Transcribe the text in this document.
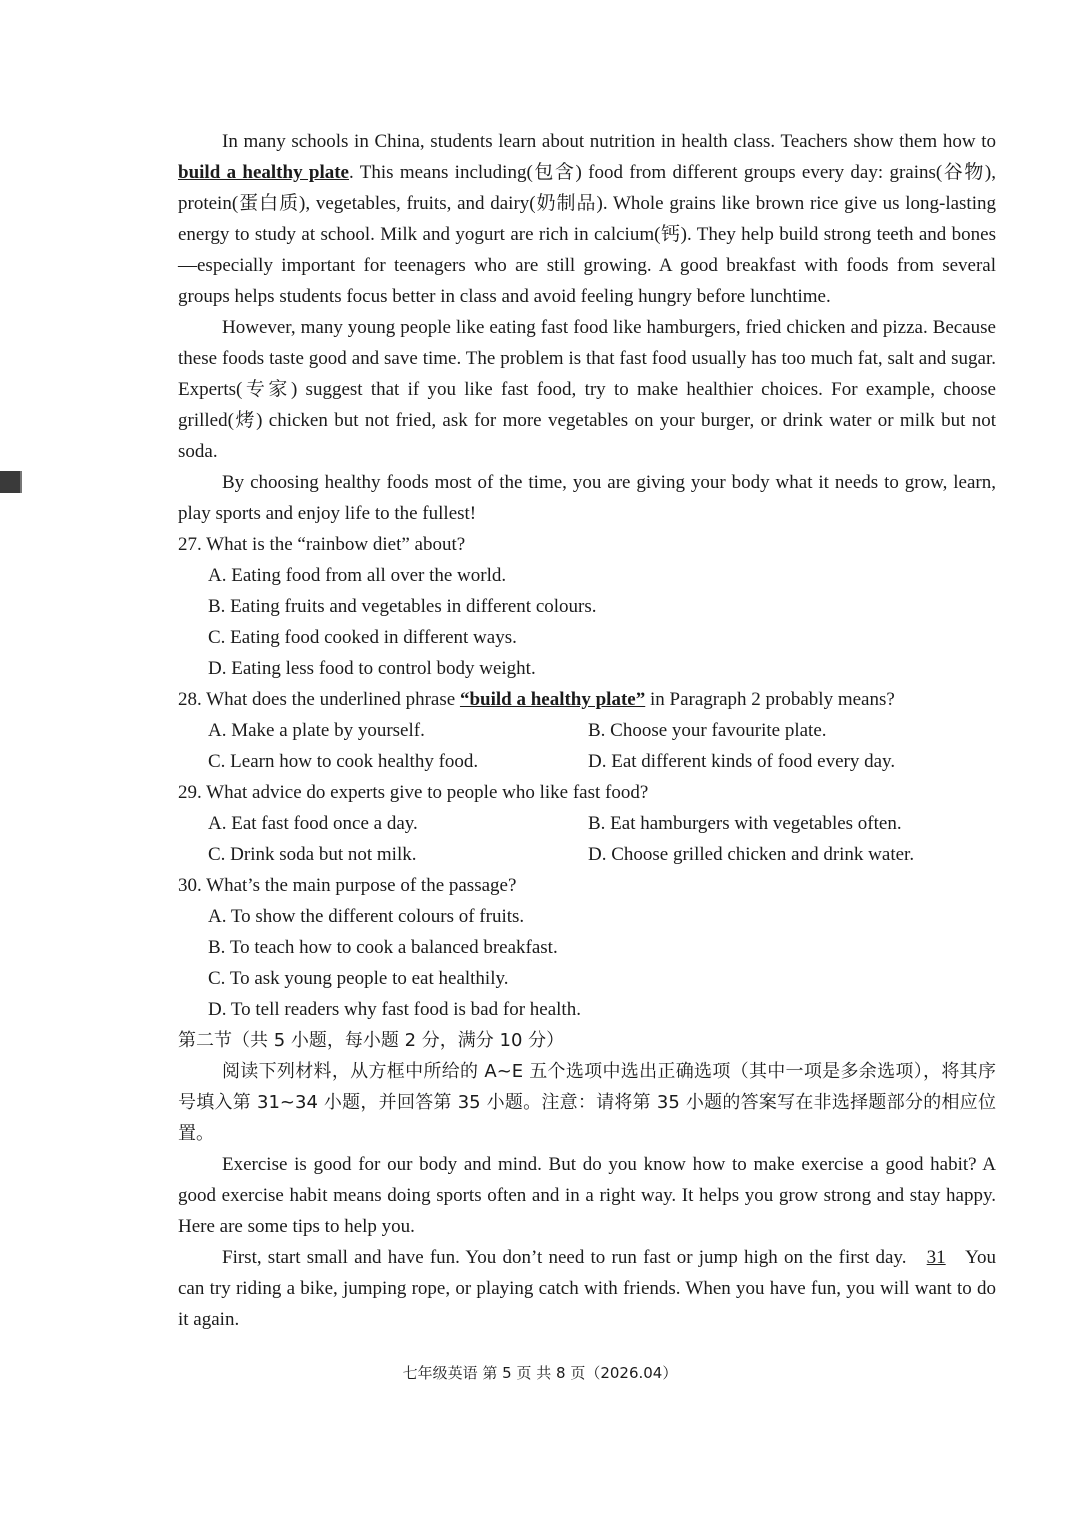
In many schools in China, students learn about nutrition in health class. Teachers show them how to build a healthy plate. This means including(包含) food from different groups every day: grains(谷物), protein(蛋白质), vegetables, fruits, and dairy(奶制品). Whole grains like brown rice give us long-lasting energy to study at school. Milk and yogurt are rich in calcium(钙). They help build strong teeth and bones—especially important for teenagers who are still growing. A good breakfast with foods from several groups helps students focus better in class and avoid feeling hungry before lunchtime.

However, many young people like eating fast food like hamburgers, fried chicken and pizza. Because these foods taste good and save time. The problem is that fast food usually has too much fat, salt and sugar. Experts(专家) suggest that if you like fast food, try to make healthier choices. For example, choose grilled(烤) chicken but not fried, ask for more vegetables on your burger, or drink water or milk but not soda.

By choosing healthy foods most of the time, you are giving your body what it needs to grow, learn, play sports and enjoy life to the fullest!

27. What is the “rainbow diet” about?

A. Eating food from all over the world.

B. Eating fruits and vegetables in different colours.

C. Eating food cooked in different ways.

D. Eating less food to control body weight.

28. What does the underlined phrase “build a healthy plate” in Paragraph 2 probably means?

A. Make a plate by yourself.	B. Choose your favourite plate.
C. Learn how to cook healthy food.	D. Eat different kinds of food every day.

29. What advice do experts give to people who like fast food?

A. Eat fast food once a day.	B. Eat hamburgers with vegetables often.
C. Drink soda but not milk.	D. Choose grilled chicken and drink water.

30. What’s the main purpose of the passage?

A. To show the different colours of fruits.

B. To teach how to cook a balanced breakfast.

C. To ask young people to eat healthily.

D. To tell readers why fast food is bad for health.

第二节（共 5 小题，每小题 2 分，满分 10 分）

阅读下列材料，从方框中所给的 A~E 五个选项中选出正确选项（其中一项是多余选项），将其序号填入第 31~34 小题，并回答第 35 小题。注意：请将第 35 小题的答案写在非选择题部分的相应位置。

Exercise is good for our body and mind. But do you know how to make exercise a good habit? A good exercise habit means doing sports often and in a right way. It helps you grow strong and stay happy. Here are some tips to help you.

First, start small and have fun. You don’t need to run fast or jump high on the first day. 31 You can try riding a bike, jumping rope, or playing catch with friends. When you have fun, you will want to do it again.

七年级英语 第 5 页 共 8 页（2026.04）
